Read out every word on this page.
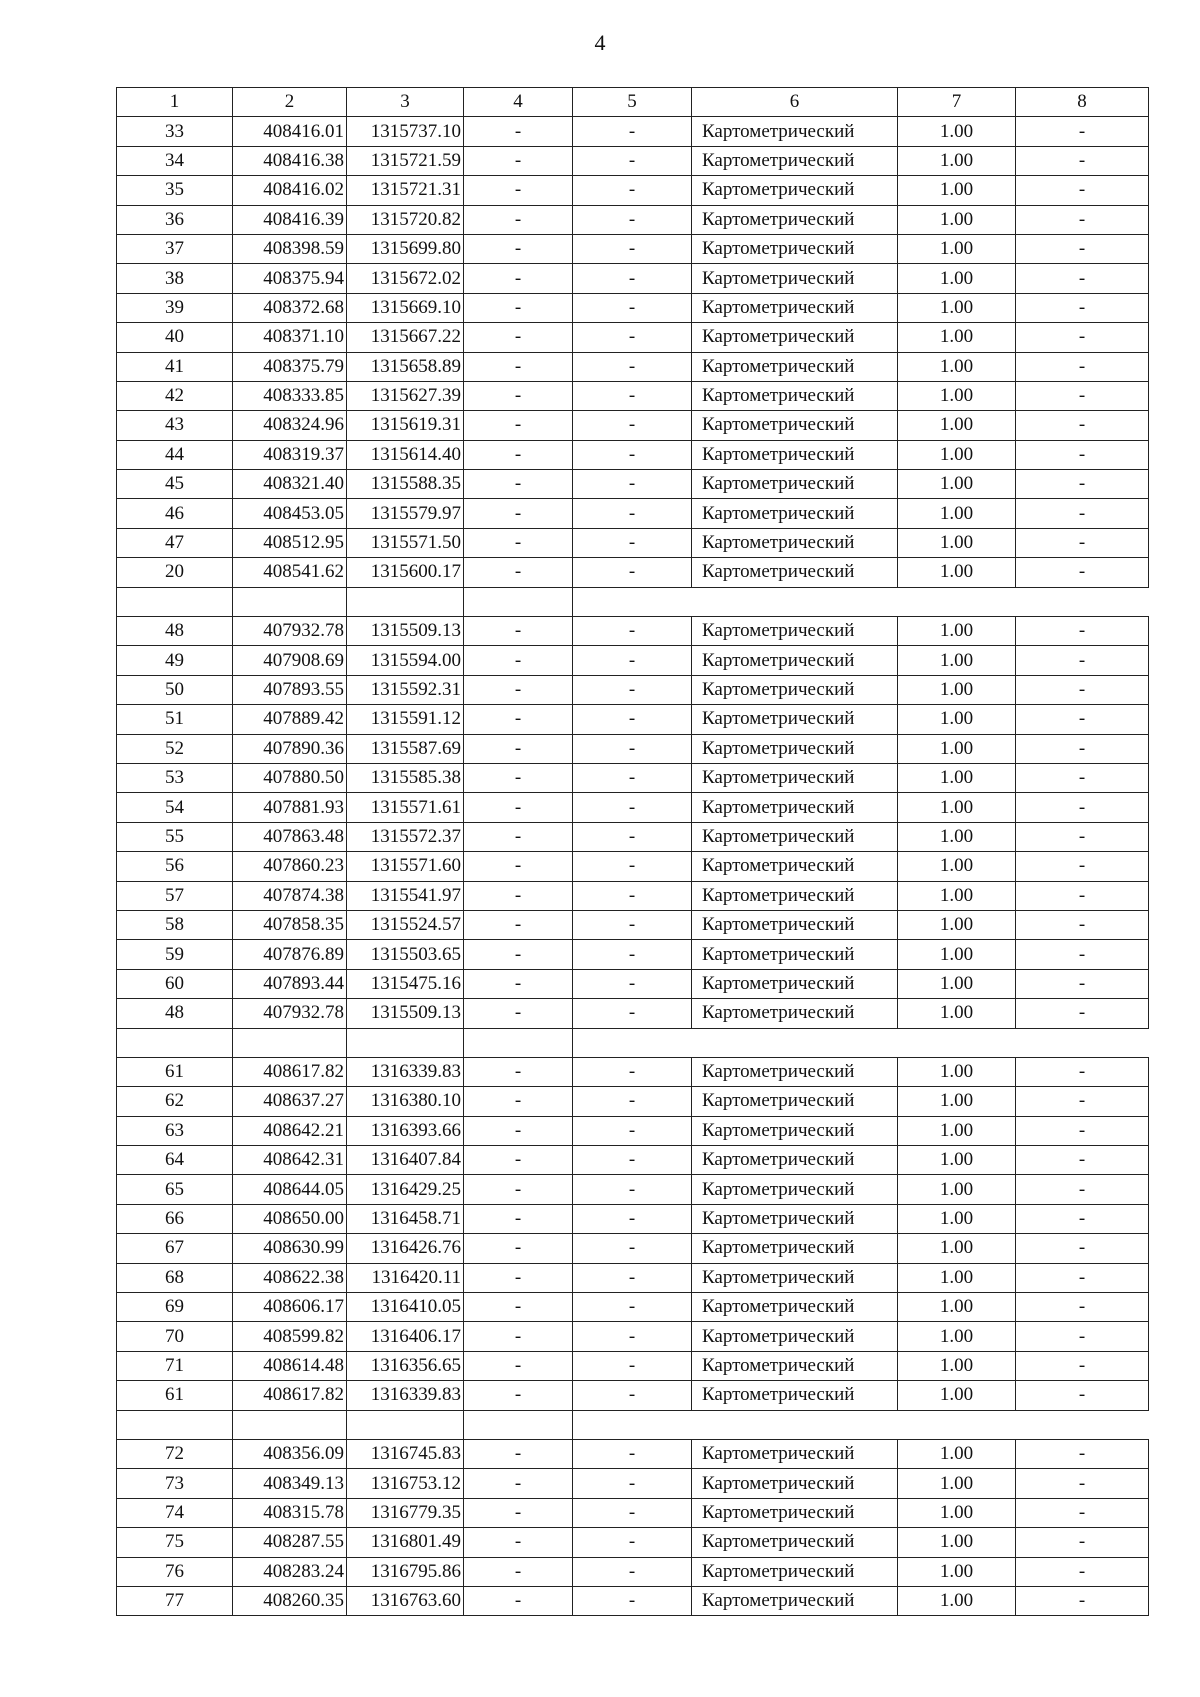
4
1	2	3	4	5	6	7	8
33	408416.01	1315737.10	-	-	Картометрический	1.00	-
34	408416.38	1315721.59	-	-	Картометрический	1.00	-
35	408416.02	1315721.31	-	-	Картометрический	1.00	-
36	408416.39	1315720.82	-	-	Картометрический	1.00	-
37	408398.59	1315699.80	-	-	Картометрический	1.00	-
38	408375.94	1315672.02	-	-	Картометрический	1.00	-
39	408372.68	1315669.10	-	-	Картометрический	1.00	-
40	408371.10	1315667.22	-	-	Картометрический	1.00	-
41	408375.79	1315658.89	-	-	Картометрический	1.00	-
42	408333.85	1315627.39	-	-	Картометрический	1.00	-
43	408324.96	1315619.31	-	-	Картометрический	1.00	-
44	408319.37	1315614.40	-	-	Картометрический	1.00	-
45	408321.40	1315588.35	-	-	Картометрический	1.00	-
46	408453.05	1315579.97	-	-	Картометрический	1.00	-
47	408512.95	1315571.50	-	-	Картометрический	1.00	-
20	408541.62	1315600.17	-	-	Картометрический	1.00	-

48	407932.78	1315509.13	-	-	Картометрический	1.00	-
49	407908.69	1315594.00	-	-	Картометрический	1.00	-
50	407893.55	1315592.31	-	-	Картометрический	1.00	-
51	407889.42	1315591.12	-	-	Картометрический	1.00	-
52	407890.36	1315587.69	-	-	Картометрический	1.00	-
53	407880.50	1315585.38	-	-	Картометрический	1.00	-
54	407881.93	1315571.61	-	-	Картометрический	1.00	-
55	407863.48	1315572.37	-	-	Картометрический	1.00	-
56	407860.23	1315571.60	-	-	Картометрический	1.00	-
57	407874.38	1315541.97	-	-	Картометрический	1.00	-
58	407858.35	1315524.57	-	-	Картометрический	1.00	-
59	407876.89	1315503.65	-	-	Картометрический	1.00	-
60	407893.44	1315475.16	-	-	Картометрический	1.00	-
48	407932.78	1315509.13	-	-	Картометрический	1.00	-

61	408617.82	1316339.83	-	-	Картометрический	1.00	-
62	408637.27	1316380.10	-	-	Картометрический	1.00	-
63	408642.21	1316393.66	-	-	Картометрический	1.00	-
64	408642.31	1316407.84	-	-	Картометрический	1.00	-
65	408644.05	1316429.25	-	-	Картометрический	1.00	-
66	408650.00	1316458.71	-	-	Картометрический	1.00	-
67	408630.99	1316426.76	-	-	Картометрический	1.00	-
68	408622.38	1316420.11	-	-	Картометрический	1.00	-
69	408606.17	1316410.05	-	-	Картометрический	1.00	-
70	408599.82	1316406.17	-	-	Картометрический	1.00	-
71	408614.48	1316356.65	-	-	Картометрический	1.00	-
61	408617.82	1316339.83	-	-	Картометрический	1.00	-

72	408356.09	1316745.83	-	-	Картометрический	1.00	-
73	408349.13	1316753.12	-	-	Картометрический	1.00	-
74	408315.78	1316779.35	-	-	Картометрический	1.00	-
75	408287.55	1316801.49	-	-	Картометрический	1.00	-
76	408283.24	1316795.86	-	-	Картометрический	1.00	-
77	408260.35	1316763.60	-	-	Картометрический	1.00	-
